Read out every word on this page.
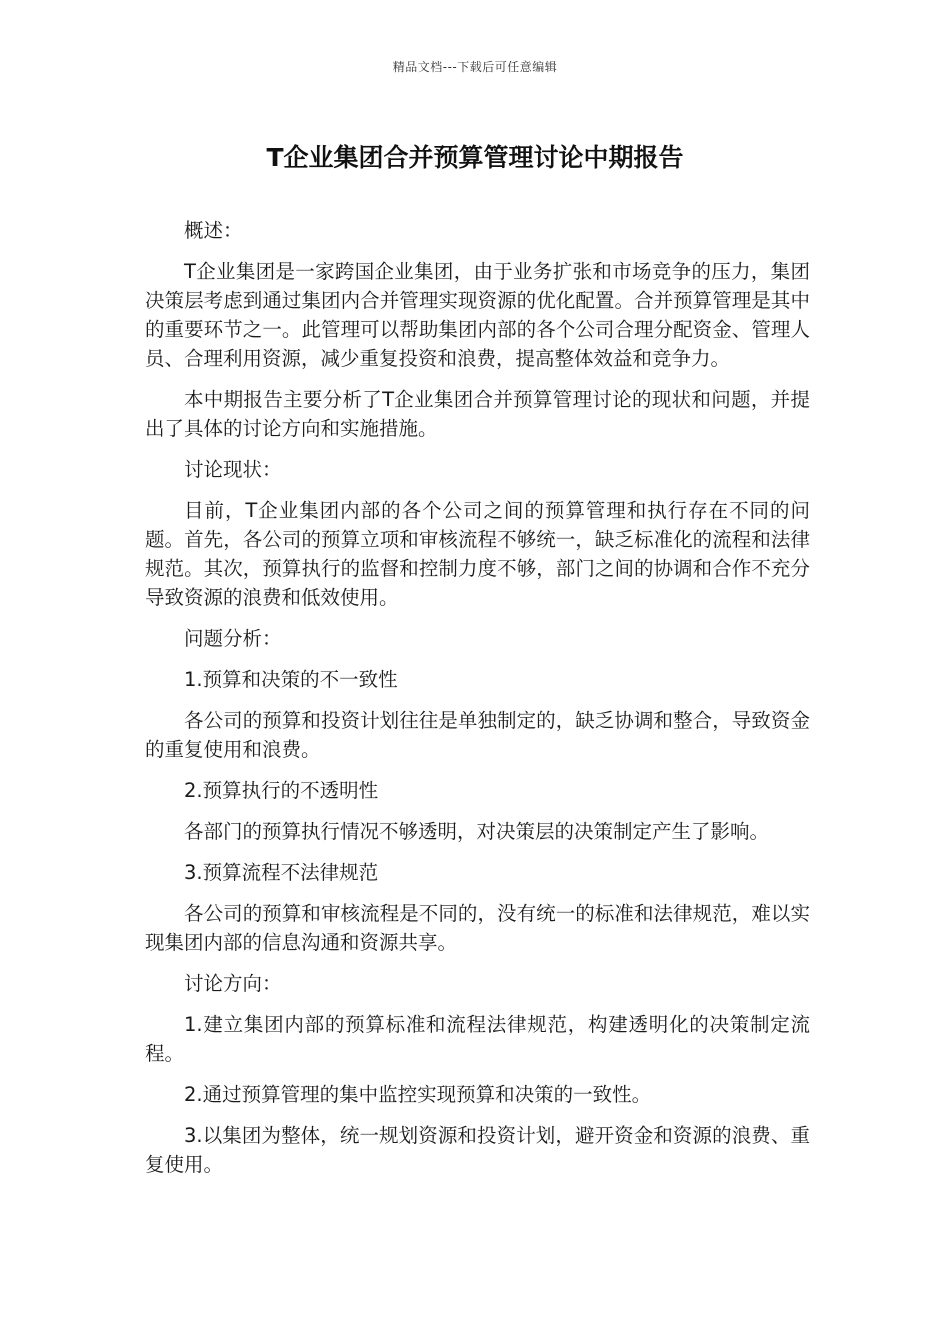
精品文档---下载后可任意编辑
T企业集团合并预算管理讨论中期报告

概述：

T企业集团是一家跨国企业集团，由于业务扩张和市场竞争的压力，集团决策层考虑到通过集团内合并管理实现资源的优化配置。合并预算管理是其中的重要环节之一。此管理可以帮助集团内部的各个公司合理分配资金、管理人员、合理利用资源，减少重复投资和浪费，提高整体效益和竞争力。

本中期报告主要分析了T企业集团合并预算管理讨论的现状和问题，并提出了具体的讨论方向和实施措施。

讨论现状：

目前，T企业集团内部的各个公司之间的预算管理和执行存在不同的问题。首先，各公司的预算立项和审核流程不够统一，缺乏标准化的流程和法律规范。其次，预算执行的监督和控制力度不够，部门之间的协调和合作不充分导致资源的浪费和低效使用。

问题分析：

1.预算和决策的不一致性

各公司的预算和投资计划往往是单独制定的，缺乏协调和整合，导致资金的重复使用和浪费。

2.预算执行的不透明性

各部门的预算执行情况不够透明，对决策层的决策制定产生了影响。

3.预算流程不法律规范

各公司的预算和审核流程是不同的，没有统一的标准和法律规范，难以实现集团内部的信息沟通和资源共享。

讨论方向：

1.建立集团内部的预算标准和流程法律规范，构建透明化的决策制定流程。

2.通过预算管理的集中监控实现预算和决策的一致性。

3.以集团为整体，统一规划资源和投资计划，避开资金和资源的浪费、重复使用。
